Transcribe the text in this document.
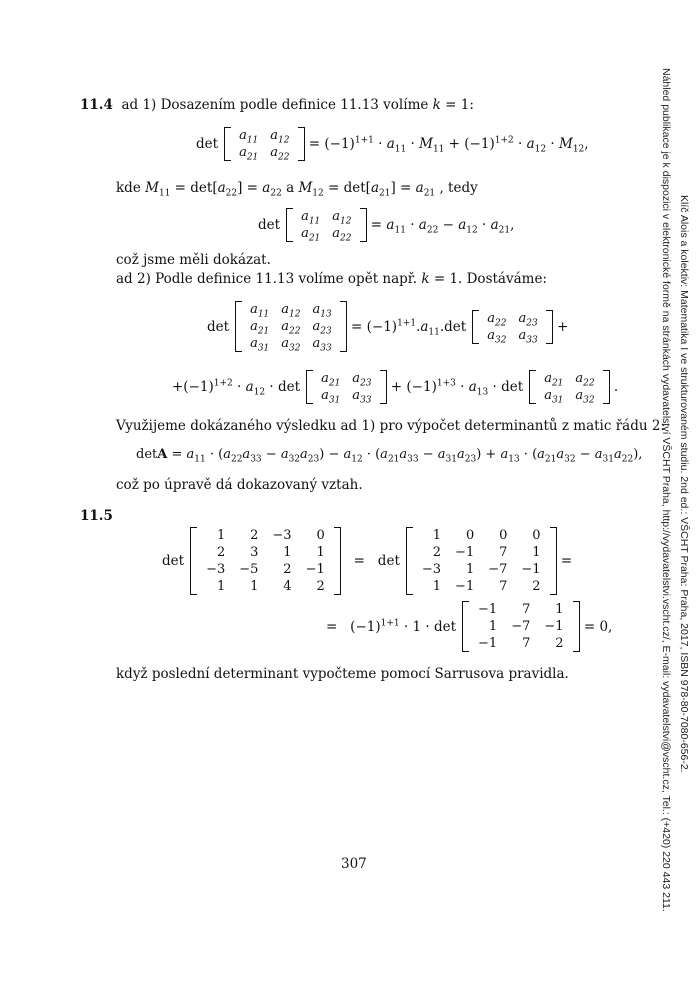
Klíč Alois a kolektiv: Matematika I ve strukturovaném studiu. 2nd ed.: VŠCHT Praha: Praha, 2017, ISBN 978-80-7080-656-2.
Náhled publikace je k dispozici v elektronické formě na stránkách vydavatelství VŠCHT Praha, http://vydavatelstvi.vscht.cz/, E-mail: vydavatelstvi@vscht.cz, Tel.: (+420) 220 443 211.
11.4  ad 1) Dosazením podle definice 11.13 volíme k = 1:
det
$a_{11}$	$a_{12}$
$a_{21}$	$a_{22}$
= $(-1)^{1+1} \cdot a_{11} \cdot M_{11} + (-1)^{1+2} \cdot a_{12} \cdot M_{12}$,
kde $M_{11} = \det[a_{22}] = a_{22}$ a $M_{12} = \det[a_{21}] = a_{21}$ , tedy
det
$a_{11}$	$a_{12}$
$a_{21}$	$a_{22}$
= $a_{11} \cdot a_{22} - a_{12} \cdot a_{21}$,
což jsme měli dokázat.
ad 2) Podle definice 11.13 volíme opět např. k = 1. Dostáváme:
det
$a_{11}$	$a_{12}$	$a_{13}$
$a_{21}$	$a_{22}$	$a_{23}$
$a_{31}$	$a_{32}$	$a_{33}$
= $(-1)^{1+1}.a_{11}.\det$
$a_{22}$	$a_{23}$
$a_{32}$	$a_{33}$
+
$+(-1)^{1+2} \cdot a_{12} \cdot \det$
$a_{21}$	$a_{23}$
$a_{31}$	$a_{33}$
+ $(-1)^{1+3} \cdot a_{13} \cdot \det$
$a_{21}$	$a_{22}$
$a_{31}$	$a_{32}$
.
Využijeme dokázaného výsledku ad 1) pro výpočet determinantů z matic řádu 2:
$\det A = a_{11} \cdot (a_{22}a_{33} - a_{32}a_{23}) - a_{12} \cdot (a_{21}a_{33} - a_{31}a_{23}) + a_{13} \cdot (a_{21}a_{32} - a_{31}a_{22})$,
což po úpravě dá dokazovaný vztah.
11.5
det
1	2	−3	0
2	3	1	1
−3	−5	2	−1
1	1	4	2
=   det
1	0	0	0
2	−1	7	1
−3	1	−7	−1
1	−1	7	2
=
=   $(-1)^{1+1} \cdot 1 \cdot \det$
−1	7	1
1	−7	−1
−1	7	2
= 0,
když poslední determinant vypočteme pomocí Sarrusova pravidla.
307
